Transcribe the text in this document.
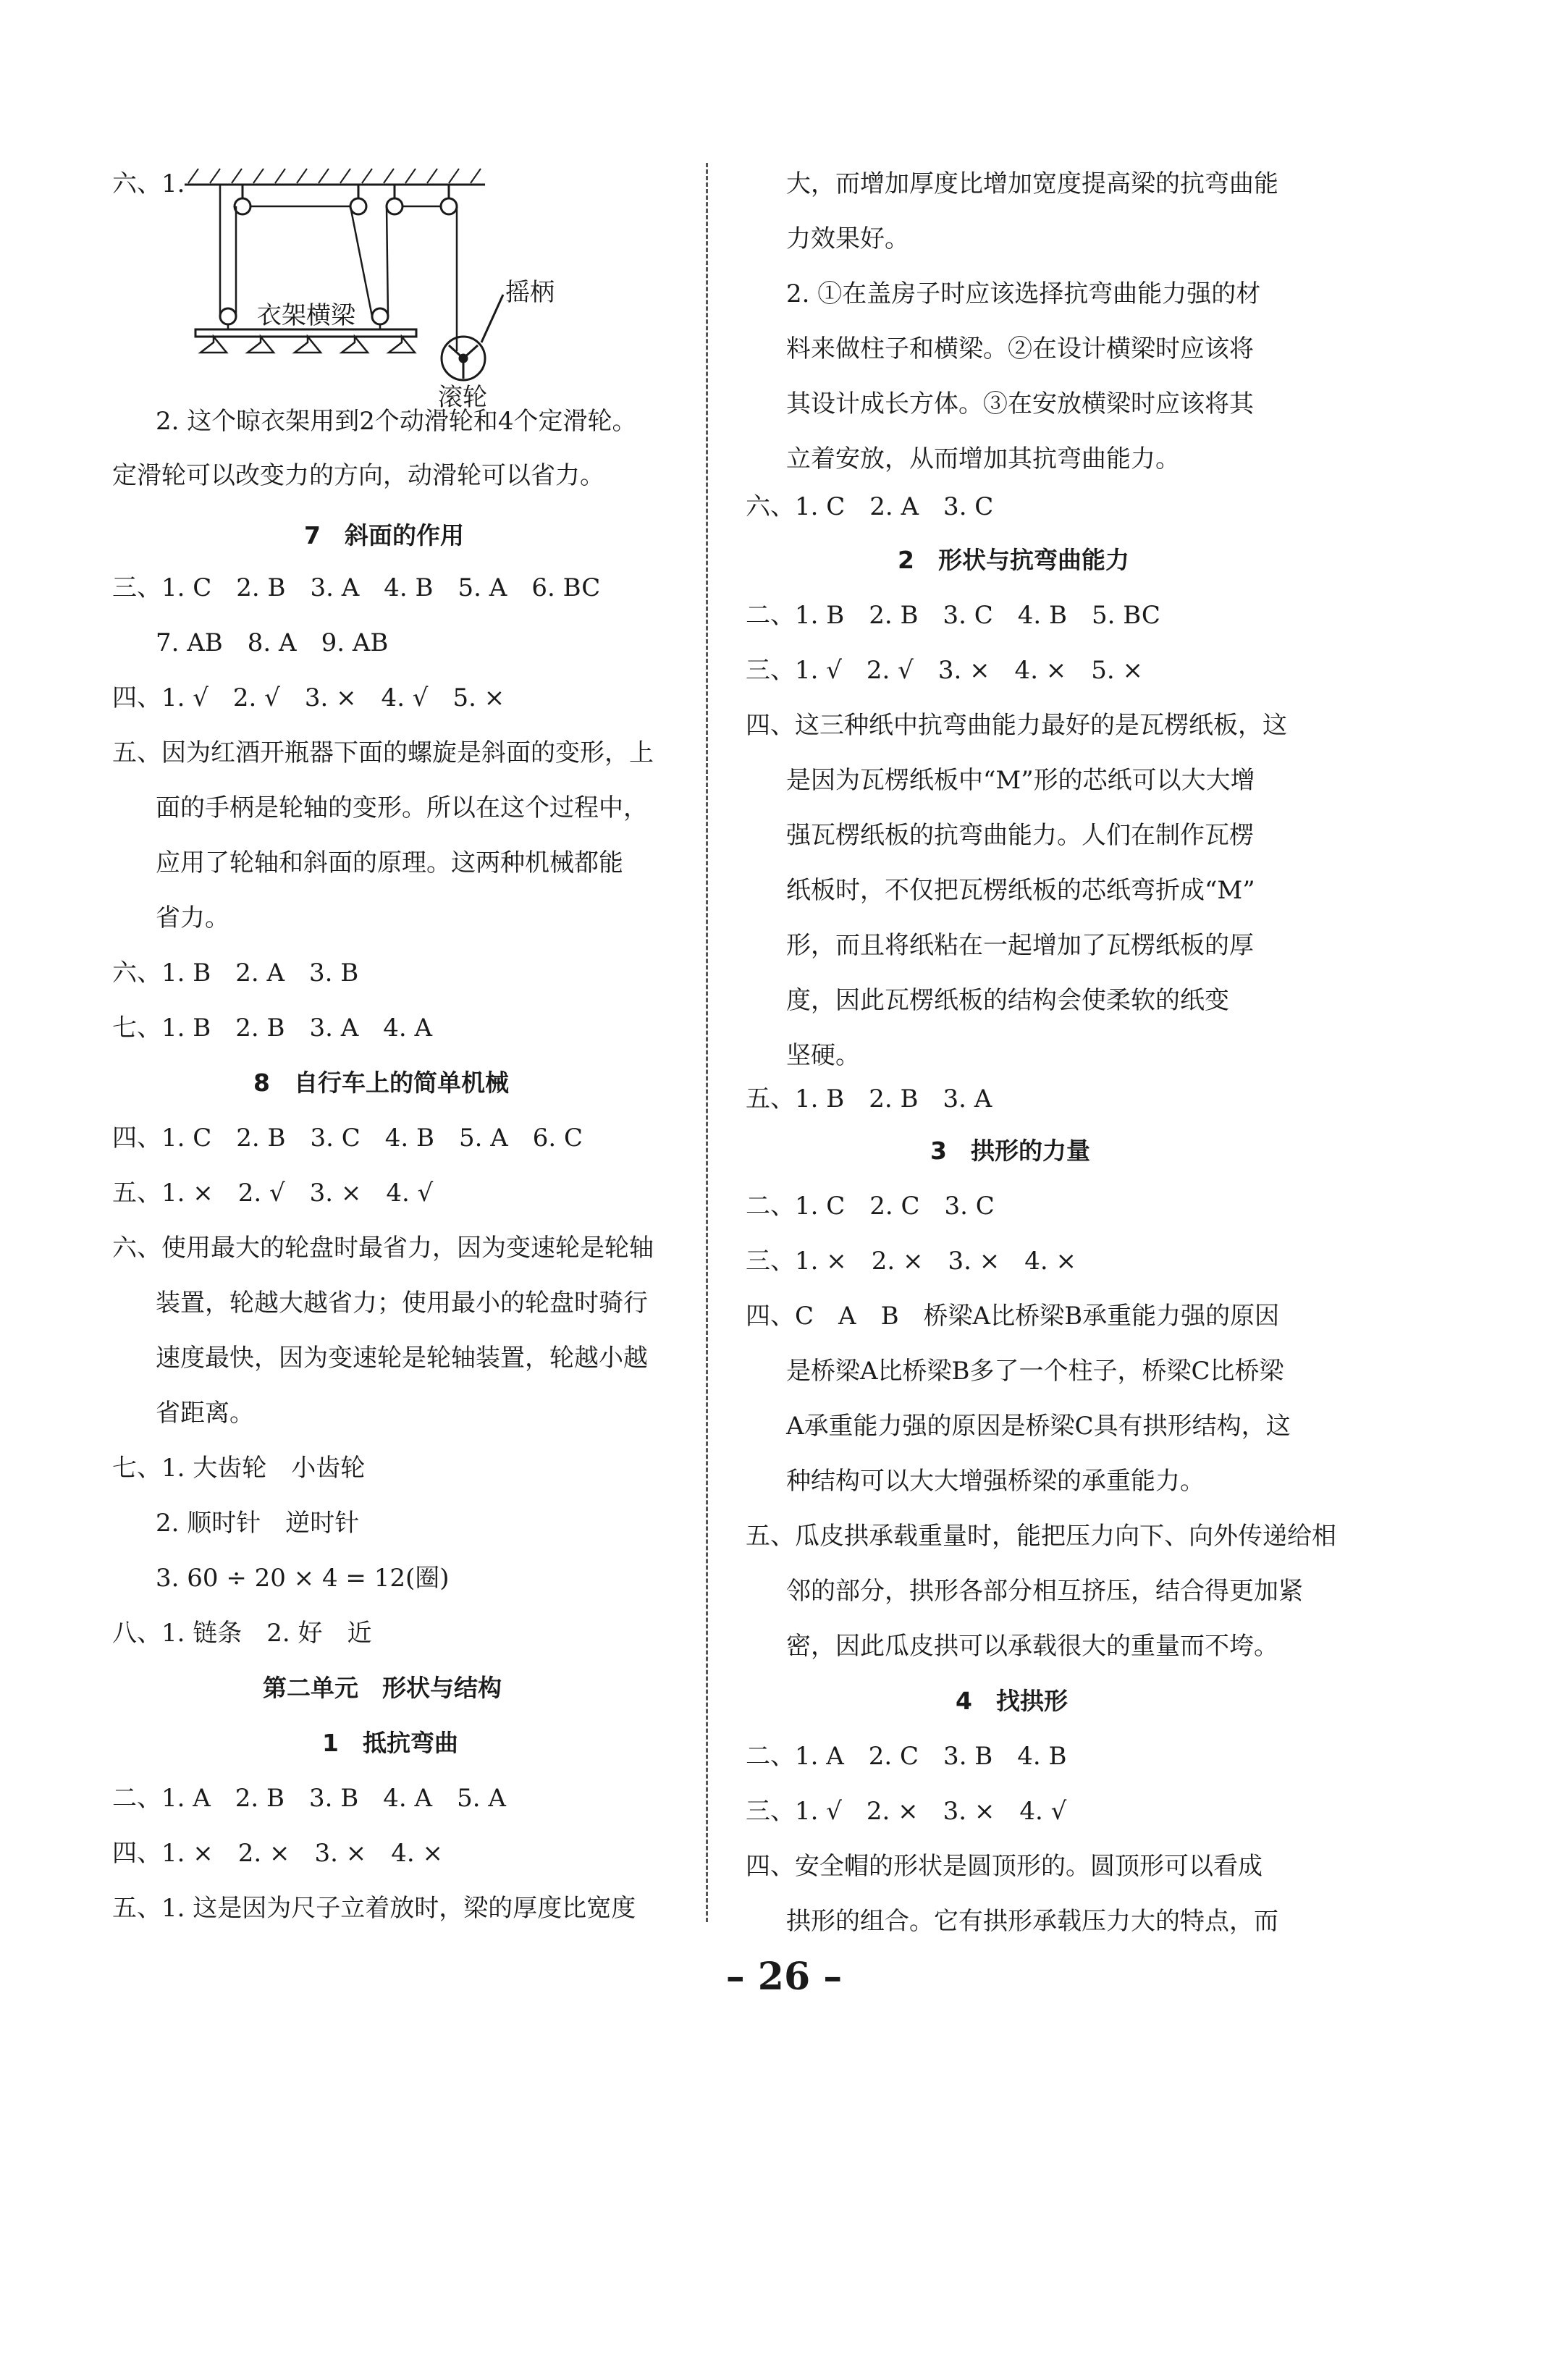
六、1.
2. 这个晾衣架用到2个动滑轮和4个定滑轮。
定滑轮可以改变力的方向，动滑轮可以省力。
7　斜面的作用
三、1. C　2. B　3. A　4. B　5. A　6. BC
7. AB　8. A　9. AB
四、1. √　2. √　3. ×　4. √　5. ×
五、因为红酒开瓶器下面的螺旋是斜面的变形，上
面的手柄是轮轴的变形。所以在这个过程中，
应用了轮轴和斜面的原理。这两种机械都能
省力。
六、1. B　2. A　3. B
七、1. B　2. B　3. A　4. A
8　自行车上的简单机械
四、1. C　2. B　3. C　4. B　5. A　6. C
五、1. ×　2. √　3. ×　4. √
六、使用最大的轮盘时最省力，因为变速轮是轮轴
装置，轮越大越省力；使用最小的轮盘时骑行
速度最快，因为变速轮是轮轴装置，轮越小越
省距离。
七、1. 大齿轮　小齿轮
2. 顺时针　逆时针
3. 60 ÷ 20 × 4 = 12(圈)
八、1. 链条　2. 好　近
第二单元　形状与结构
1　抵抗弯曲
二、1. A　2. B　3. B　4. A　5. A
四、1. ×　2. ×　3. ×　4. ×
五、1. 这是因为尺子立着放时，梁的厚度比宽度
衣架横梁
摇柄
滚轮
大，而增加厚度比增加宽度提高梁的抗弯曲能
力效果好。
2. ①在盖房子时应该选择抗弯曲能力强的材
料来做柱子和横梁。②在设计横梁时应该将
其设计成长方体。③在安放横梁时应该将其
立着安放，从而增加其抗弯曲能力。
六、1. C　2. A　3. C
2　形状与抗弯曲能力
二、1. B　2. B　3. C　4. B　5. BC
三、1. √　2. √　3. ×　4. ×　5. ×
四、这三种纸中抗弯曲能力最好的是瓦楞纸板，这
是因为瓦楞纸板中“M”形的芯纸可以大大增
强瓦楞纸板的抗弯曲能力。人们在制作瓦楞
纸板时，不仅把瓦楞纸板的芯纸弯折成“M”
形，而且将纸粘在一起增加了瓦楞纸板的厚
度，因此瓦楞纸板的结构会使柔软的纸变
坚硬。
五、1. B　2. B　3. A
3　拱形的力量
二、1. C　2. C　3. C
三、1. ×　2. ×　3. ×　4. ×
四、C　A　B　桥梁A比桥梁B承重能力强的原因
是桥梁A比桥梁B多了一个柱子，桥梁C比桥梁
A承重能力强的原因是桥梁C具有拱形结构，这
种结构可以大大增强桥梁的承重能力。
五、瓜皮拱承载重量时，能把压力向下、向外传递给相
邻的部分，拱形各部分相互挤压，结合得更加紧
密，因此瓜皮拱可以承载很大的重量而不垮。
4　找拱形
二、1. A　2. C　3. B　4. B
三、1. √　2. ×　3. ×　4. √
四、安全帽的形状是圆顶形的。圆顶形可以看成
拱形的组合。它有拱形承载压力大的特点，而
– 26 –
